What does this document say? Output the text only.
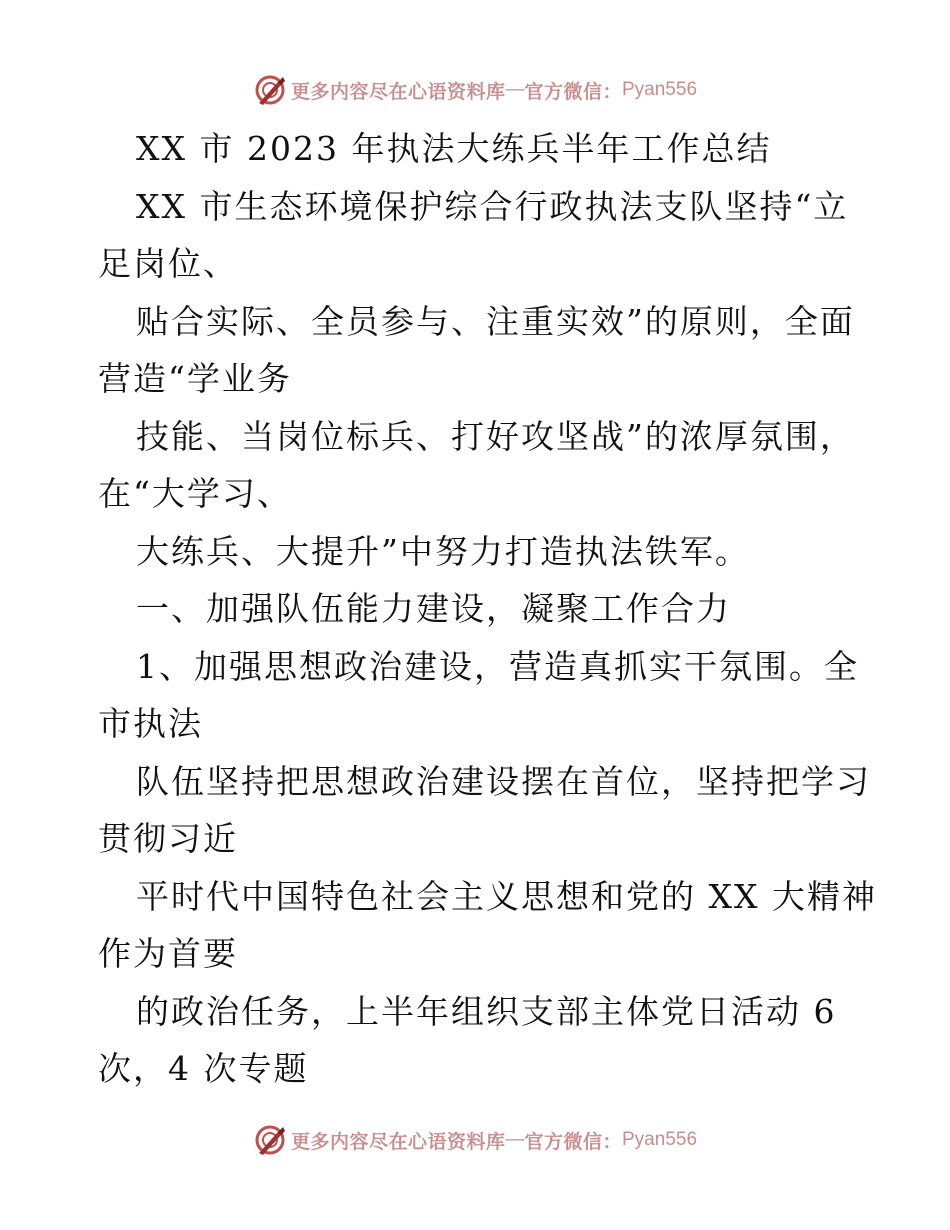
更多内容尽在心语资料库 — 官方微信： Pyan556
XX 市 2023 年执法大练兵半年工作总结
XX 市生态环境保护综合行政执法支队坚持“立
足岗位、
贴合实际、全员参与、注重实效”的原则，全面
营造“学业务
技能、当岗位标兵、打好攻坚战”的浓厚氛围，
在“大学习、
大练兵、大提升”中努力打造执法铁军。
一、加强队伍能力建设，凝聚工作合力
1、加强思想政治建设，营造真抓实干氛围。全
市执法
队伍坚持把思想政治建设摆在首位，坚持把学习
贯彻习近
平时代中国特色社会主义思想和党的 XX 大精神
作为首要
的政治任务，上半年组织支部主体党日活动 6
次，4 次专题
更多内容尽在心语资料库 — 官方微信： Pyan556
